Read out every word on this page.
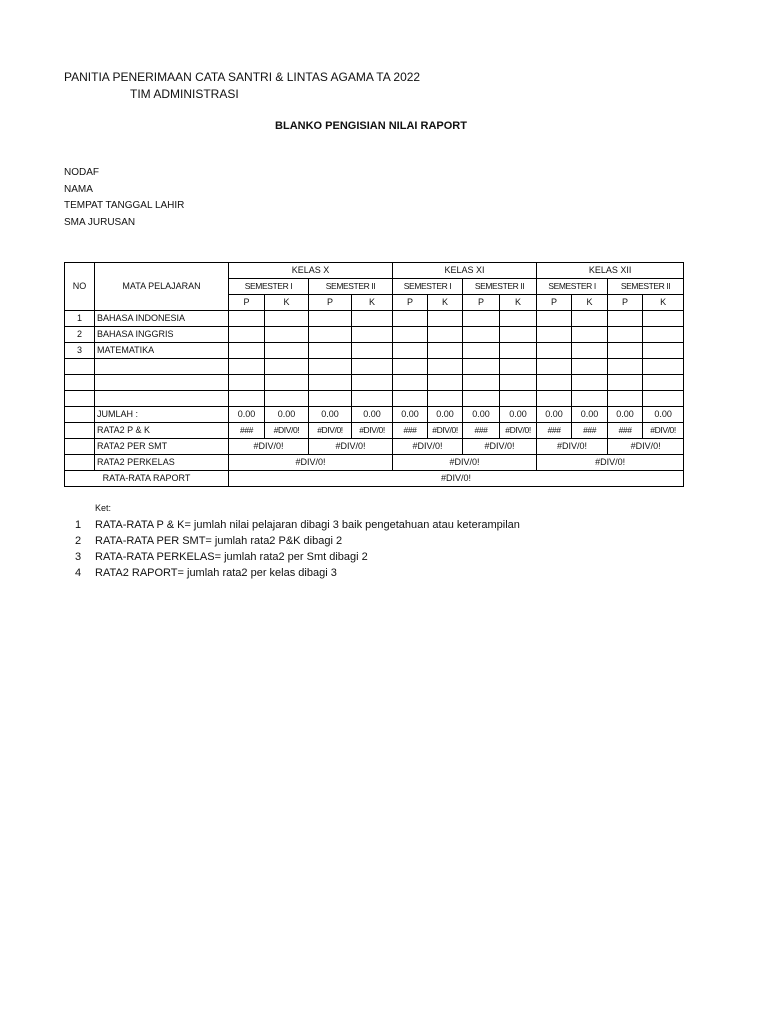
PANITIA PENERIMAAN CATA SANTRI & LINTAS AGAMA TA 2022
TIM ADMINISTRASI
BLANKO PENGISIAN NILAI RAPORT
NODAF
NAMA
TEMPAT TANGGAL LAHIR
SMA JURUSAN
NO	MATA PELAJARAN	KELAS X				KELAS XI				KELAS XII			
		SEMESTER I		SEMESTER II		SEMESTER I		SEMESTER II		SEMESTER I		SEMESTER II	
		P	K	P	K	P	K	P	K	P	K	P	K
1	BAHASA INDONESIA												
2	BAHASA INGGRIS												
3	MATEMATIKA												

	JUMLAH :	0.00	0.00	0.00	0.00	0.00	0.00	0.00	0.00	0.00	0.00	0.00	0.00
	RATA2 P & K	###	#DIV/0!	#DIV/0!	#DIV/0!	###	#DIV/0!	###	#DIV/0!	###	###	###	#DIV/0!
	RATA2 PER SMT	#DIV/0!		#DIV/0!		#DIV/0!		#DIV/0!		#DIV/0!		#DIV/0!	
	RATA2 PERKELAS	#DIV/0!				#DIV/0!				#DIV/0!			
RATA-RATA RAPORT		#DIV/0!											
Ket:
1 RATA-RATA P & K= jumlah nilai pelajaran dibagi 3 baik pengetahuan atau keterampilan
2 RATA-RATA PER SMT= jumlah rata2 P&K dibagi 2
3 RATA-RATA PERKELAS= jumlah rata2 per Smt dibagi 2
4 RATA2 RAPORT= jumlah rata2 per kelas dibagi 3
